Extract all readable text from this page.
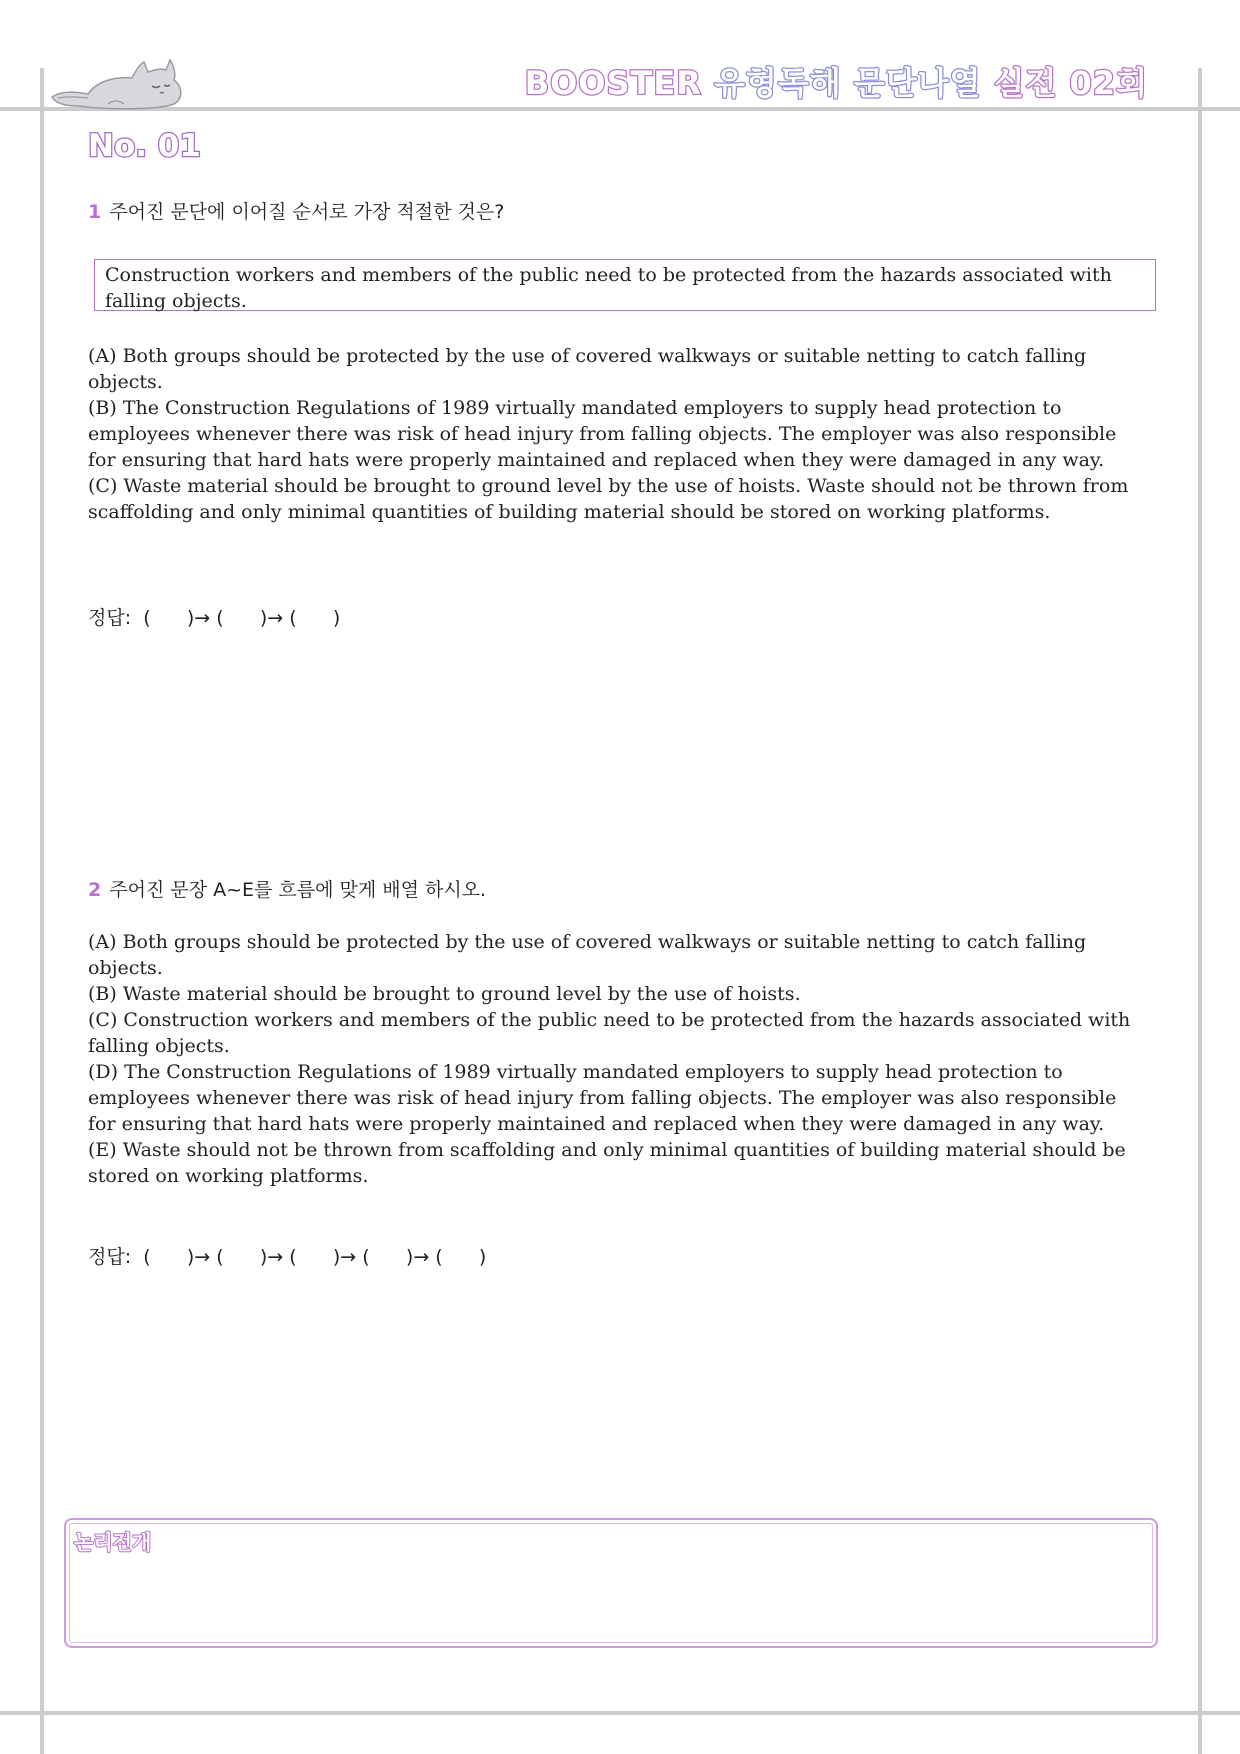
BOOSTER 유형독해 문단나열 실전 02회
No. 01
1 주어진 문단에 이어질 순서로 가장 적절한 것은?
Construction workers and members of the public need to be protected from the hazards associated with falling objects.

(A) Both groups should be protected by the use of covered walkways or suitable netting to catch falling objects.

(B) The Construction Regulations of 1989 virtually mandated employers to supply head protection to employees whenever there was risk of head injury from falling objects. The employer was also responsible for ensuring that hard hats were properly maintained and replaced when they were damaged in any way.

(C) Waste material should be brought to ground level by the use of hoists. Waste should not be thrown from scaffolding and only minimal quantities of building material should be stored on working platforms.

정답:  (      )→ (      )→ (      )
2 주어진 문장 A~E를 흐름에 맞게 배열 하시오.

(A) Both groups should be protected by the use of covered walkways or suitable netting to catch falling objects.

(B) Waste material should be brought to ground level by the use of hoists.

(C) Construction workers and members of the public need to be protected from the hazards associated with falling objects.

(D) The Construction Regulations of 1989 virtually mandated employers to supply head protection to employees whenever there was risk of head injury from falling objects. The employer was also responsible for ensuring that hard hats were properly maintained and replaced when they were damaged in any way.

(E) Waste should not be thrown from scaffolding and only minimal quantities of building material should be stored on working platforms.

정답:  (      )→ (      )→ (      )→ (      )→ (      )
논리전개
